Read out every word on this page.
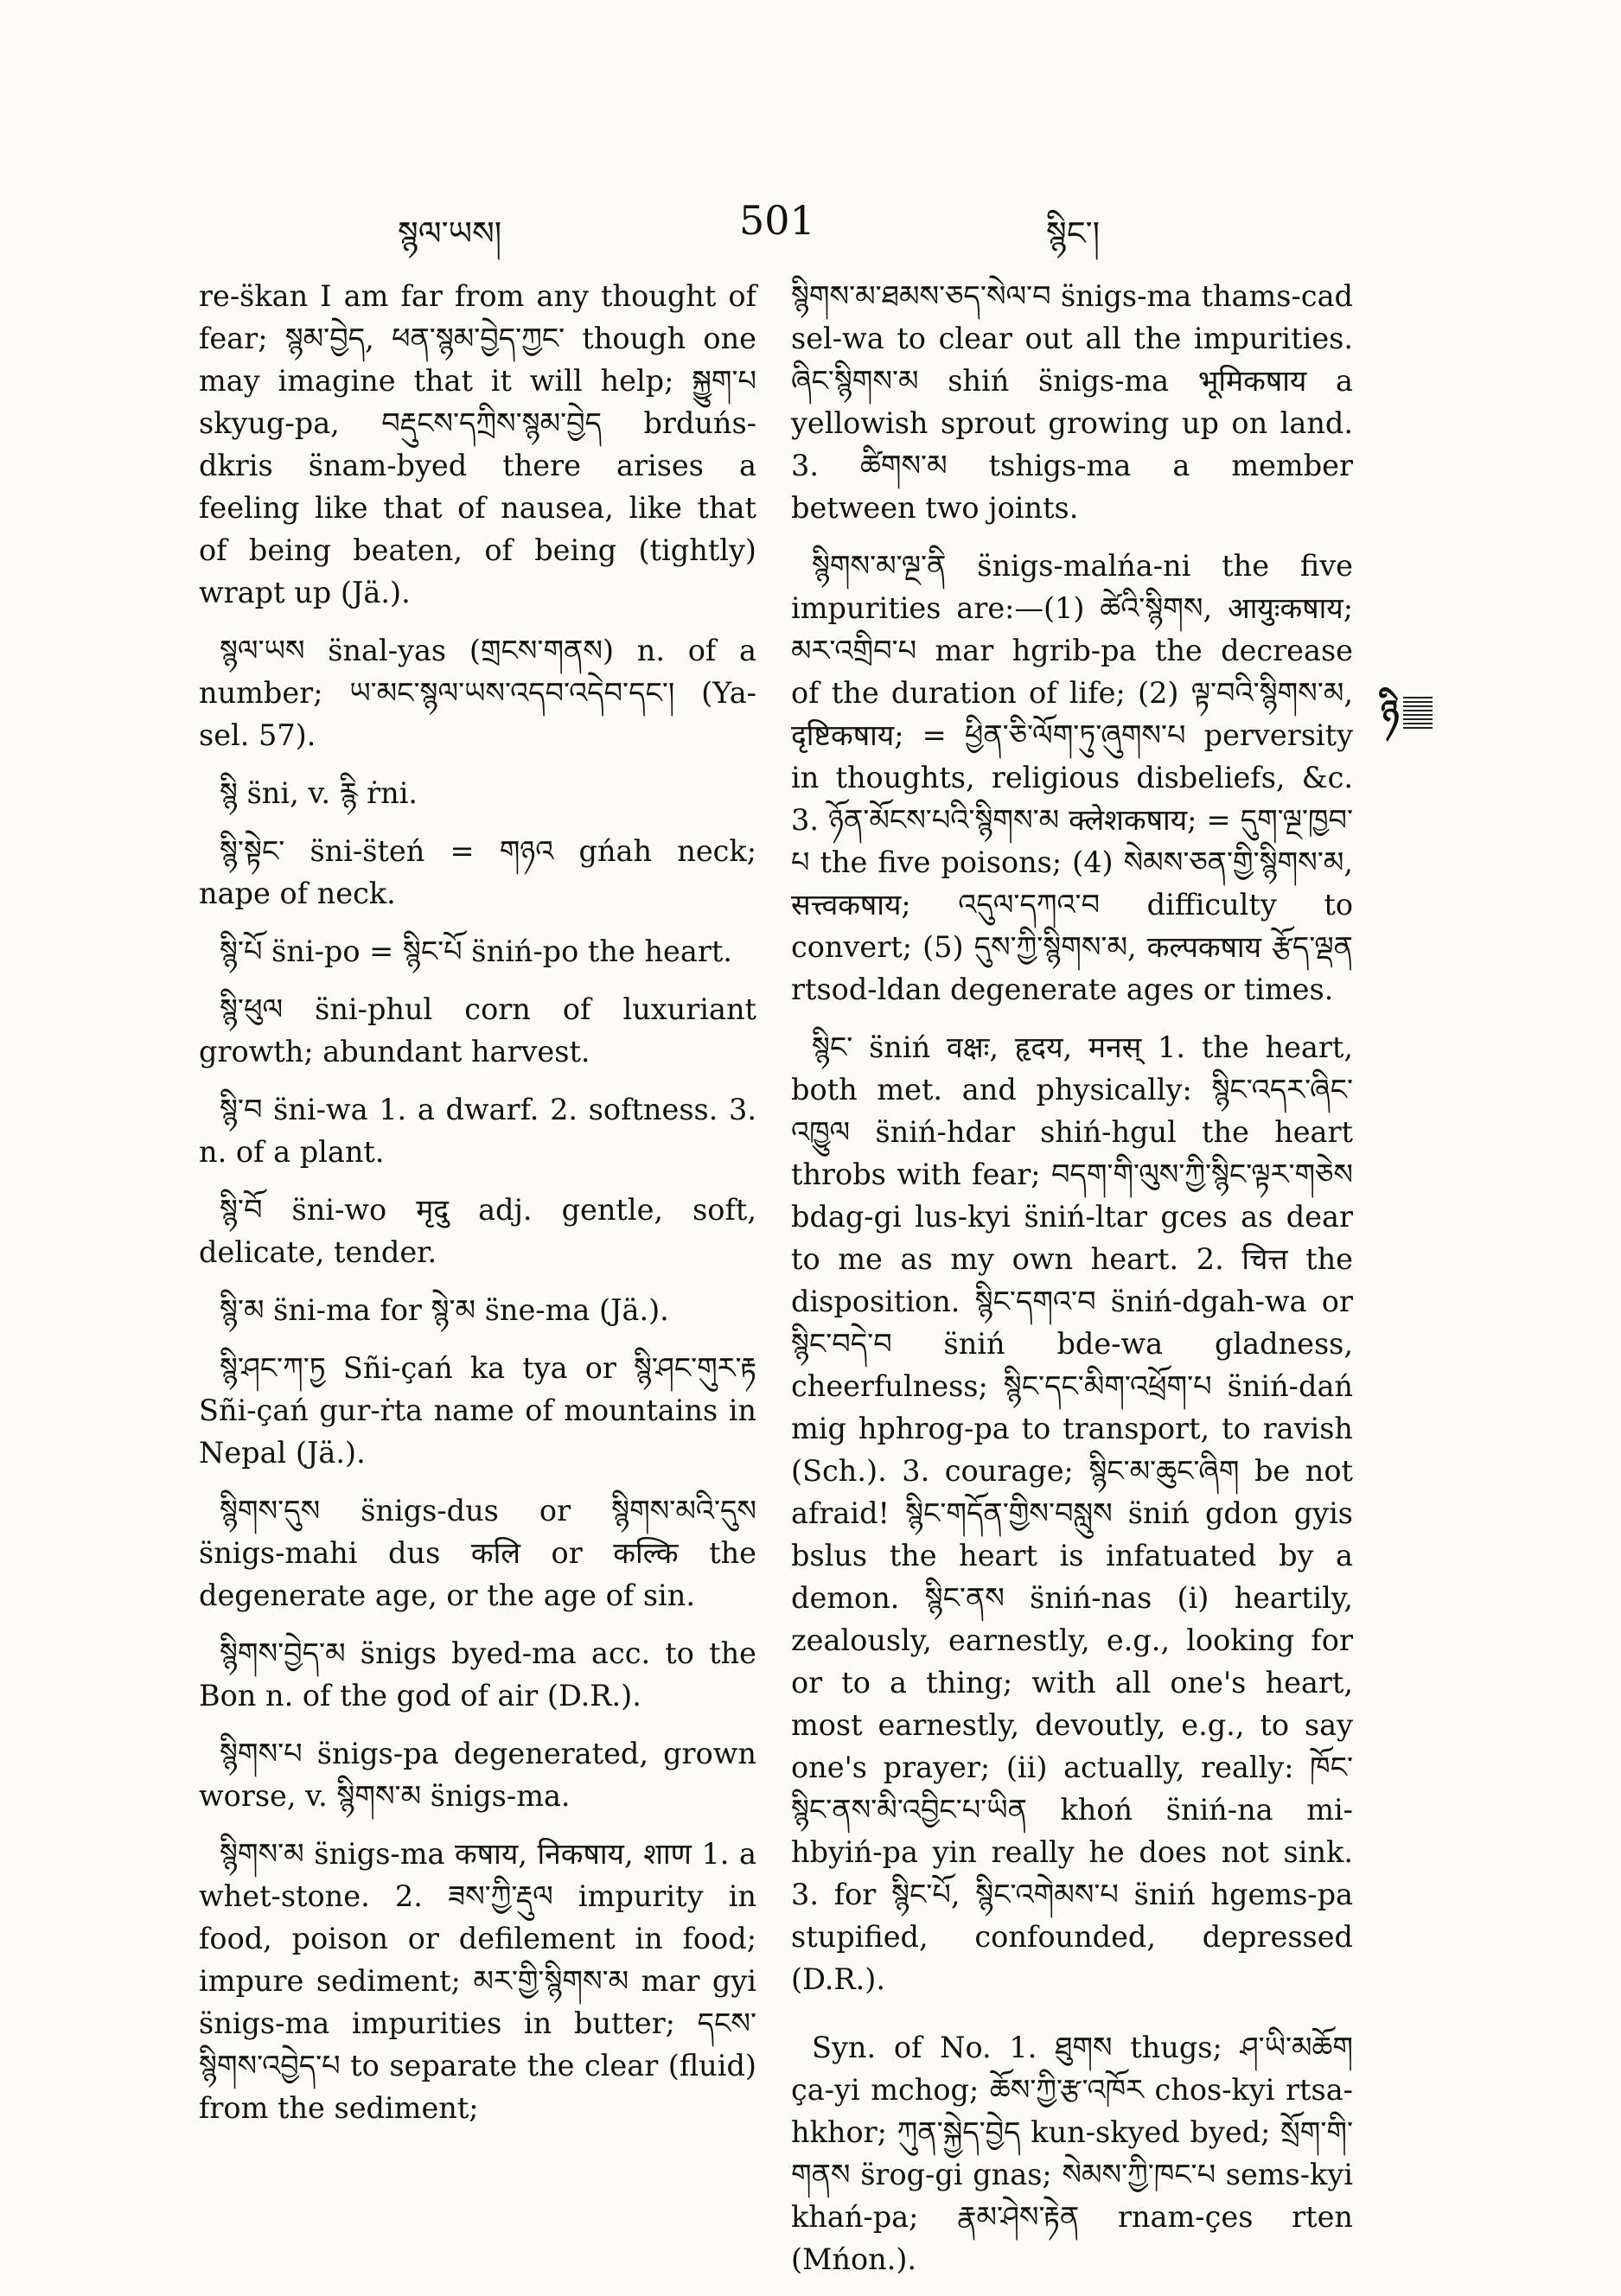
སྙལ་ཡས།	501	སྙིང་།

re-s̈kan I am far from any thought of fear; སྙམ་བྱེད, ཕན་སྙམ་བྱེད་ཀྱང་ though one may imagine that it will help; སྐྱུག་པ skyug-pa, བརྡུངས་དཀྲིས་སྙམ་བྱེད brduńs-dkris s̈nam-byed there arises a feeling like that of nausea, like that of being beaten, of being (tightly) wrapt up (Jä.).

སྙལ་ཡས s̈nal-yas (གྲངས་གནས) n. of a number; ཡ་མང་སྙལ་ཡས་འདབ་འདེབ་དང་། (Ya-sel. 57).

སྙི s̈ni, v. རྙི ṙni.

སྙི་སྟེང་ s̈ni-s̈teń = གཉའ gńah neck; nape of neck.

སྙི་པོ s̈ni-po = སྙིང་པོ s̈niń-po the heart.

སྙི་ཕུལ s̈ni-phul corn of luxuriant growth; abundant harvest.

སྙི་བ s̈ni-wa 1. a dwarf. 2. softness. 3. n. of a plant.

སྙི་བོ s̈ni-wo मृदु adj. gentle, soft, delicate, tender.

སྙི་མ s̈ni-ma for སྙེ་མ s̈ne-ma (Jä.).

སྙི་ཤང་ཀ་ཏྱ Sñi-çań ka tya or སྙི་ཤང་གུར་རྟ Sñi-çań gur-ṙta name of mountains in Nepal (Jä.).

སྙིགས་དུས s̈nigs-dus or སྙིགས་མའི་དུས s̈nigs-mahi dus कलि or कल्कि the degenerate age, or the age of sin.

སྙིགས་བྱེད་མ s̈nigs byed-ma acc. to the Bon n. of the god of air (D.R.).

སྙིགས་པ s̈nigs-pa degenerated, grown worse, v. སྙིགས་མ s̈nigs-ma.

སྙིགས་མ s̈nigs-ma कषाय, निकषाय, शाण 1. a whet-stone. 2. ཟས་ཀྱི་རྡུལ impurity in food, poison or defilement in food; impure sediment; མར་གྱི་སྙིགས་མ mar gyi s̈nigs-ma impurities in butter; དངས་སྙིགས་འབྱེད་པ to separate the clear (fluid) from the sediment;

སྙིགས་མ་ཐམས་ཅད་སེལ་བ s̈nigs-ma thams-cad sel-wa to clear out all the impurities. ཞིང་སྙིགས་མ shiń s̈nigs-ma भूमिकषाय a yellowish sprout growing up on land. 3. ཚིགས་མ tshigs-ma a member between two joints.

སྙིགས་མ་ལྔ་ནི s̈nigs-malńa-ni the five impurities are:—(1) ཚེའི་སྙིགས, आयुःकषाय; མར་འགྲིབ་པ mar hgrib-pa the decrease of the duration of life; (2) ལྟ་བའི་སྙིགས་མ, दृष्टिकषाय; = ཕྱིན་ཅི་ལོག་ཏུ་ཞུགས་པ perversity in thoughts, religious disbeliefs, &c. 3. ཉོན་མོངས་པའི་སྙིགས་མ क्लेशकषाय; = དུག་ལྔ་ཁྱབ་པ the five poisons; (4) སེམས་ཅན་གྱི་སྙིགས་མ, सत्त्वकषाय; འདུལ་དཀའ་བ difficulty to convert; (5) དུས་ཀྱི་སྙིགས་མ, कल्पकषाय རྩོད་ལྡན rtsod-ldan degenerate ages or times.

སྙིང་ s̈niń वक्षः, हृदय, मनस् 1. the heart, both met. and physically: སྙིང་འདར་ཞིང་འཁྱུལ s̈niń-hdar shiń-hgul the heart throbs with fear; བདག་གི་ལུས་ཀྱི་སྙིང་ལྟར་གཅེས bdag-gi lus-kyi s̈niń-ltar gces as dear to me as my own heart. 2. चित्त the disposition. སྙིང་དགའ་བ s̈niń-dgah-wa or སྙིང་བདེ་བ s̈niń bde-wa gladness, cheerfulness; སྙིང་དང་མིག་འཕྲོག་པ s̈niń-dań mig hphrog-pa to transport, to ravish (Sch.). 3. courage; སྙིང་མ་ཆུང་ཞིག be not afraid! སྙིང་གདོན་གྱིས་བསླུས s̈niń gdon gyis bslus the heart is infatuated by a demon. སྙིང་ནས s̈niń-nas (i) heartily, zealously, earnestly, e.g., looking for or to a thing; with all one's heart, most earnestly, devoutly, e.g., to say one's prayer; (ii) actually, really: ཁོང་སྙིང་ནས་མི་འབྱིང་པ་ཡིན khoń s̈niń-na mi-hbyiń-pa yin really he does not sink. 3. for སྙིང་པོ, སྙིང་འགེམས་པ s̈niń hgems-pa stupified, confounded, depressed (D.R.).

Syn. of No. 1. ཐུགས thugs; ཤ་ཡི་མཆོག ça-yi mchog; ཆོས་ཀྱི་རྩ་འཁོར chos-kyi rtsa-hkhor; ཀུན་སྐྱེད་བྱེད kun-skyed byed; སྲོག་གི་གནས s̈rog-gi gnas; སེམས་ཀྱི་ཁང་པ sems-kyi khań-pa; རྣམ་ཤེས་རྟེན rnam-çes rten (Mńon.).

ཉི
